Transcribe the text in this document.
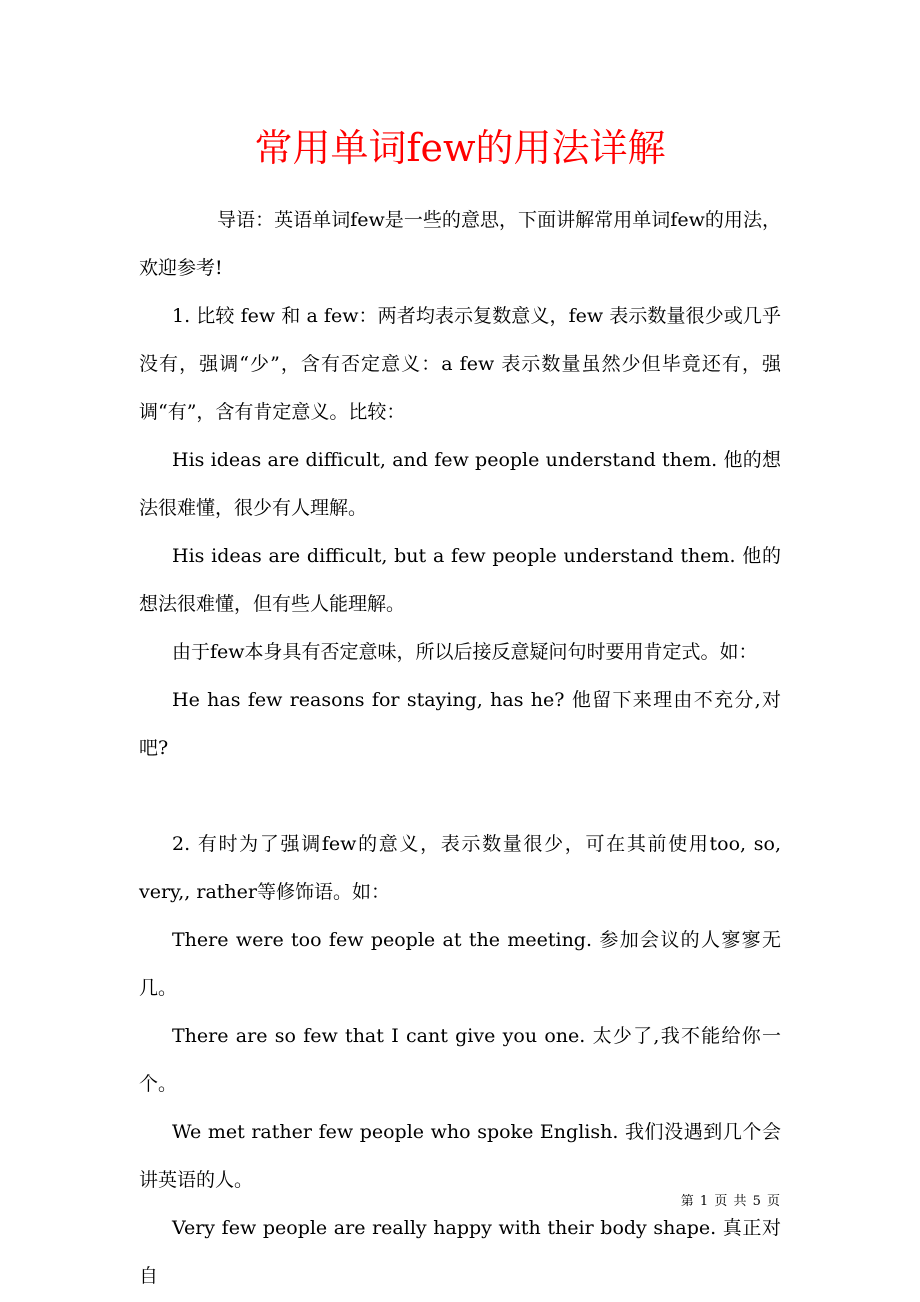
常用单词few的用法详解

导语：英语单词few是一些的意思，下面讲解常用单词few的用法，欢迎参考!

1. 比较 few 和 a few：两者均表示复数意义，few 表示数量很少或几乎没有，强调“少”，含有否定意义：a few 表示数量虽然少但毕竟还有，强调“有”，含有肯定意义。比较：

His ideas are difficult, and few people understand them. 他的想法很难懂，很少有人理解。

His ideas are difficult, but a few people understand them. 他的想法很难懂，但有些人能理解。

由于few本身具有否定意味，所以后接反意疑问句时要用肯定式。如：

He has few reasons for staying, has he? 他留下来理由不充分,对吧?

2. 有时为了强调few的意义，表示数量很少，可在其前使用too, so, very,, rather等修饰语。如：

There were too few people at the meeting. 参加会议的人寥寥无几。

There are so few that I cant give you one. 太少了,我不能给你一个。

We met rather few people who spoke English. 我们没遇到几个会讲英语的人。

Very few people are really happy with their body shape. 真正对自

第 1 页 共 5 页
